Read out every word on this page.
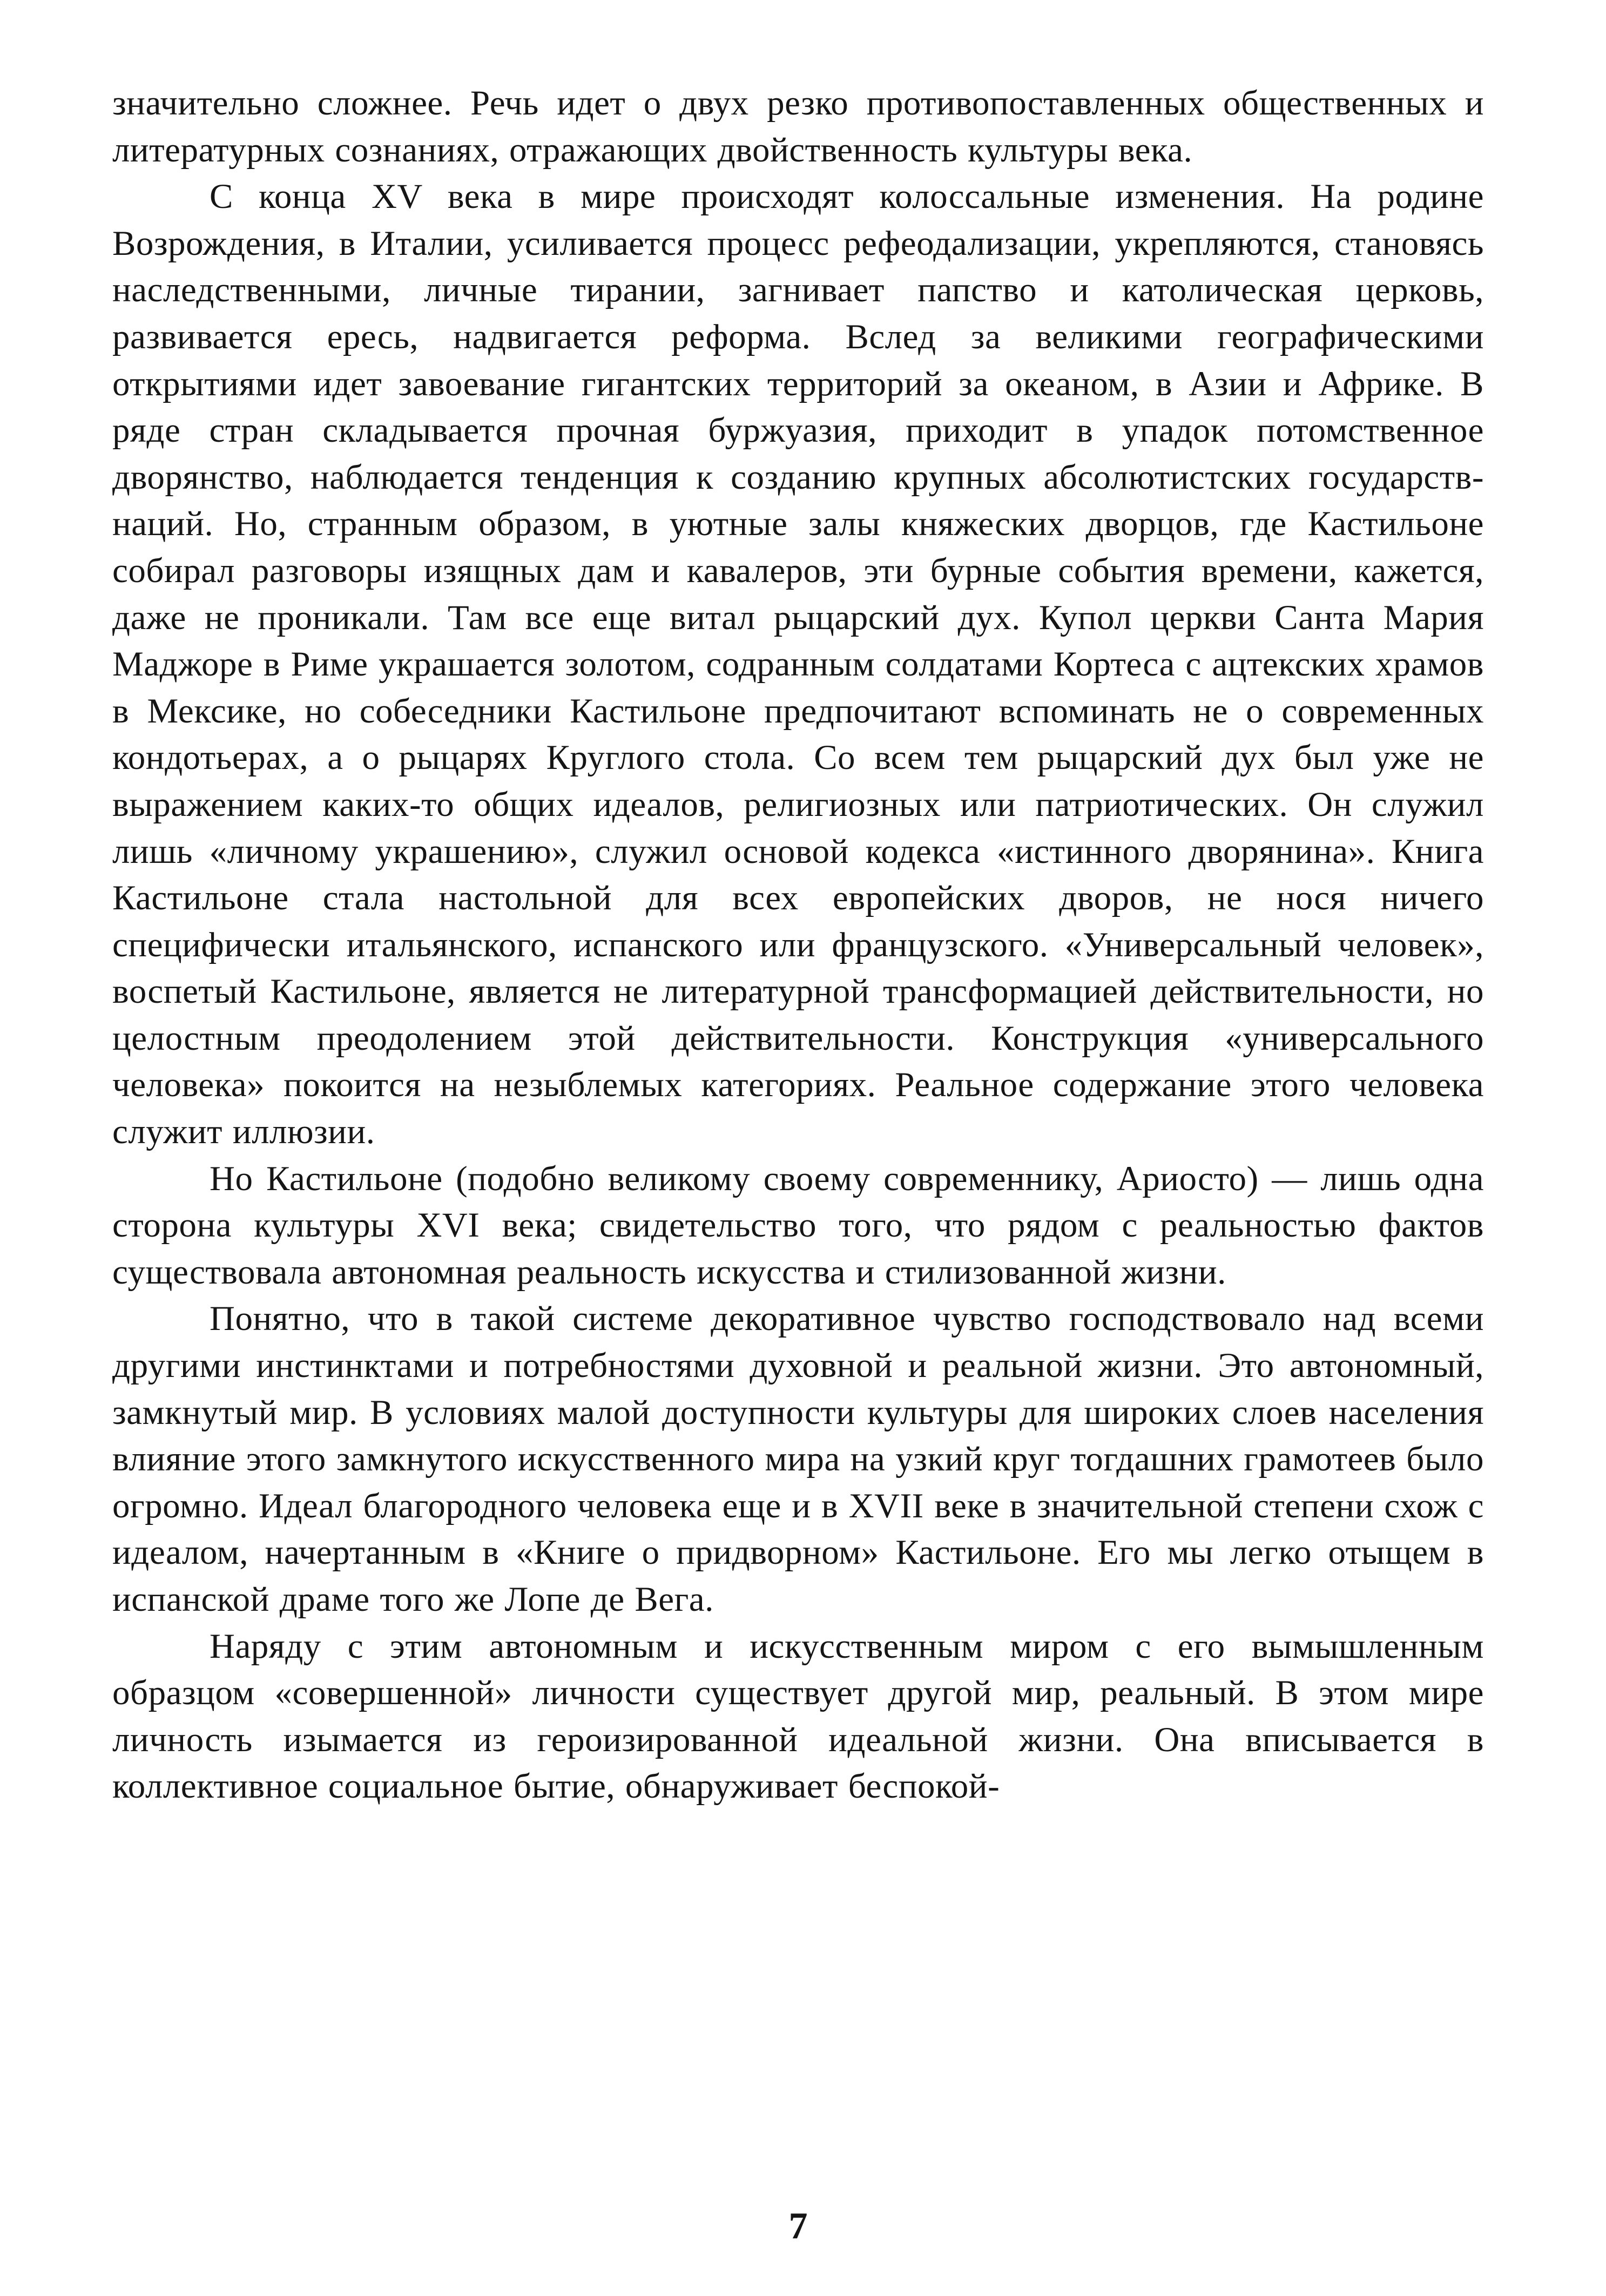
значительно сложнее. Речь идет о двух резко противопоставленных общественных и литературных сознаниях, отражающих двойственность культуры века.

С конца XV века в мире происходят колоссальные изменения. На родине Возрождения, в Италии, усиливается процесс рефеодализации, укрепляются, становясь наследственными, личные тирании, загнивает папство и католическая церковь, развивается ересь, надвигается реформа. Вслед за великими географическими открытиями идет завоевание гигантских территорий за океаном, в Азии и Африке. В ряде стран складывается прочная буржуазия, приходит в упадок потомственное дворянство, наблюдается тенденция к созданию крупных абсолютистских государств-наций. Но, странным образом, в уютные залы княжеских дворцов, где Кастильоне собирал разговоры изящных дам и кавалеров, эти бурные события времени, кажется, даже не проникали. Там все еще витал рыцарский дух. Купол церкви Санта Мария Маджоре в Риме украшается золотом, содранным солдатами Кортеса с ацтекских храмов в Мексике, но собеседники Кастильоне предпочитают вспоминать не о современных кондотьерах, а о рыцарях Круглого стола. Со всем тем рыцарский дух был уже не выражением каких-то общих идеалов, религиозных или патриотических. Он служил лишь «личному украшению», служил основой кодекса «истинного дворянина». Книга Кастильоне стала настольной для всех европейских дворов, не нося ничего специфически итальянского, испанского или французского. «Универсальный человек», воспетый Кастильоне, является не литературной трансформацией действительности, но целостным преодолением этой действительности. Конструкция «универсального человека» покоится на незыблемых категориях. Реальное содержание этого человека служит иллюзии.

Но Кастильоне (подобно великому своему современнику, Ариосто) — лишь одна сторона культуры XVI века; свидетельство того, что рядом с реальностью фактов существовала автономная реальность искусства и стилизованной жизни.

Понятно, что в такой системе декоративное чувство господствовало над всеми другими инстинктами и потребностями духовной и реальной жизни. Это автономный, замкнутый мир. В условиях малой доступности культуры для широких слоев населения влияние этого замкнутого искусственного мира на узкий круг тогдашних грамотеев было огромно. Идеал благородного человека еще и в XVII веке в значительной степени схож с идеалом, начертанным в «Книге о придворном» Кастильоне. Его мы легко отыщем в испанской драме того же Лопе де Вега.

Наряду с этим автономным и искусственным миром с его вымышленным образцом «совершенной» личности существует другой мир, реальный. В этом мире личность изымается из героизированной идеальной жизни. Она вписывается в коллективное социальное бытие, обнаруживает беспокой-

7
